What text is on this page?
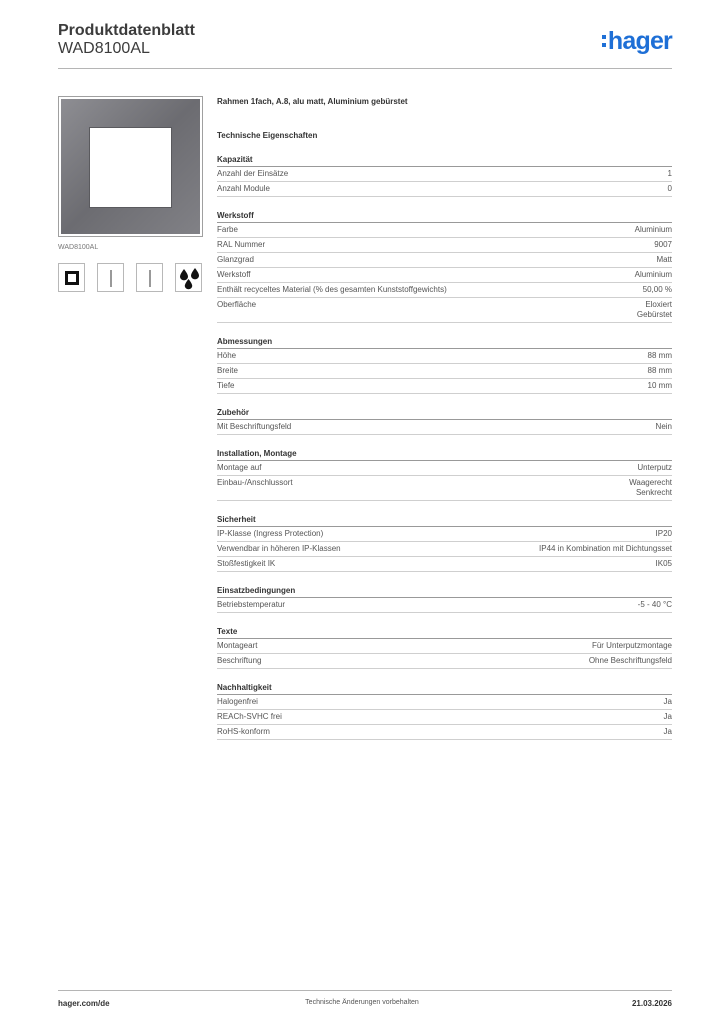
Produktdatenblatt
WAD8100AL	hager
WAD8100AL
Rahmen 1fach, A.8, alu matt, Aluminium gebürstet
Technische Eigenschaften
Kapazität
Anzahl der Einsätze	1
Anzahl Module	0
Werkstoff
Farbe	Aluminium
RAL Nummer	9007
Glanzgrad	Matt
Werkstoff	Aluminium
Enthält recyceltes Material (% des gesamten Kunststoffgewichts)	50,00 %
Oberfläche	Eloxiert
Gebürstet
Abmessungen
Höhe	88 mm
Breite	88 mm
Tiefe	10 mm
Zubehör
Mit Beschriftungsfeld	Nein
Installation, Montage
Montage auf	Unterputz
Einbau-/Anschlussort	Waagerecht
Senkrecht
Sicherheit
IP-Klasse (Ingress Protection)	IP20
Verwendbar in höheren IP-Klassen	IP44 in Kombination mit Dichtungsset
Stoßfestigkeit IK	IK05
Einsatzbedingungen
Betriebstemperatur	-5 - 40 °C
Texte
Montageart	Für Unterputzmontage
Beschriftung	Ohne Beschriftungsfeld
Nachhaltigkeit
Halogenfrei	Ja
REACh-SVHC frei	Ja
RoHS-konform	Ja
hager.com/de	Technische Änderungen vorbehalten	21.03.2026
